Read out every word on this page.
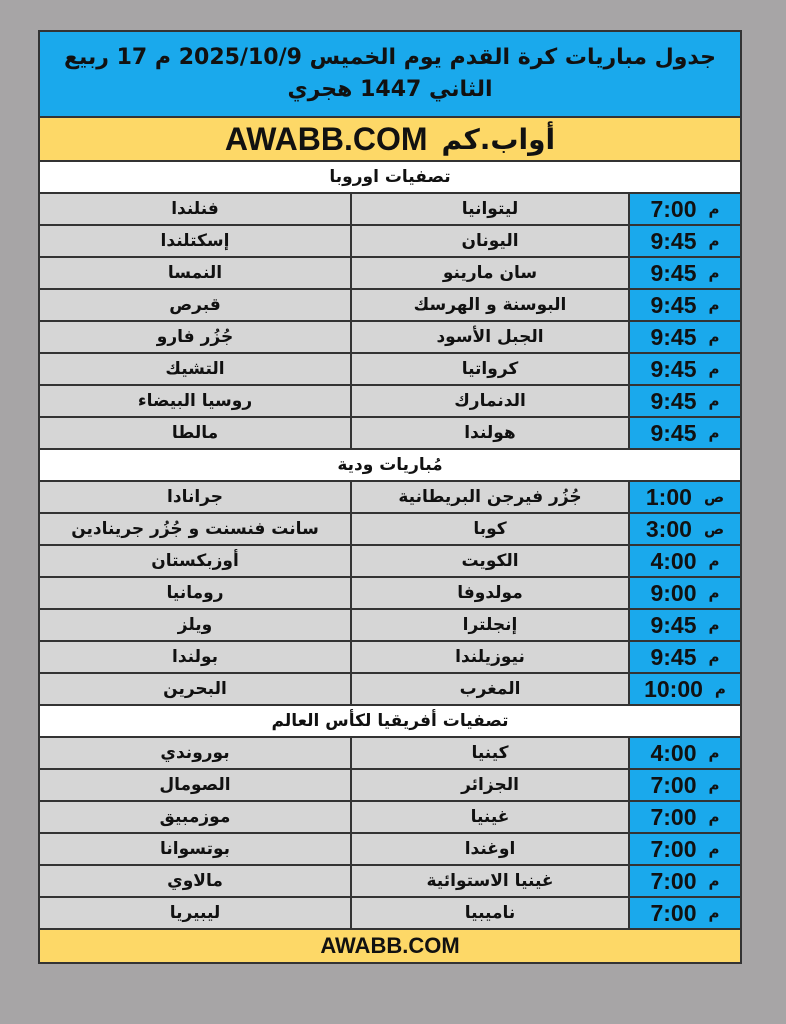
جدول مباريات كرة القدم يوم الخميس 2025/10/9 م 17 ربيع
الثاني 1447 هجري
AWABB.COM أواب.كم
تصفيات اوروبا
م
7:00
ليتوانيا
فنلندا
م
9:45
اليونان
إسكتلندا
م
9:45
سان مارينو
النمسا
م
9:45
البوسنة و الهرسك
قبرص
م
9:45
الجبل الأسود
جُزُر فارو
م
9:45
كرواتيا
التشيك
م
9:45
الدنمارك
روسيا البيضاء
م
9:45
هولندا
مالطا
مُباريات ودية
ص
1:00
جُزُر فيرجن البريطانية
جرانادا
ص
3:00
كوبا
سانت فنسنت و جُزُر جرينادين
م
4:00
الكويت
أوزبكستان
م
9:00
مولدوفا
رومانيا
م
9:45
إنجلترا
ويلز
م
9:45
نيوزيلندا
بولندا
م
10:00
المغرب
البحرين
تصفيات أفريقيا لكأس العالم
م
4:00
كينيا
بوروندي
م
7:00
الجزائر
الصومال
م
7:00
غينيا
موزمبيق
م
7:00
اوغندا
بوتسوانا
م
7:00
غينيا الاستوائية
مالاوي
م
7:00
ناميبيا
ليبيريا
AWABB.COM
